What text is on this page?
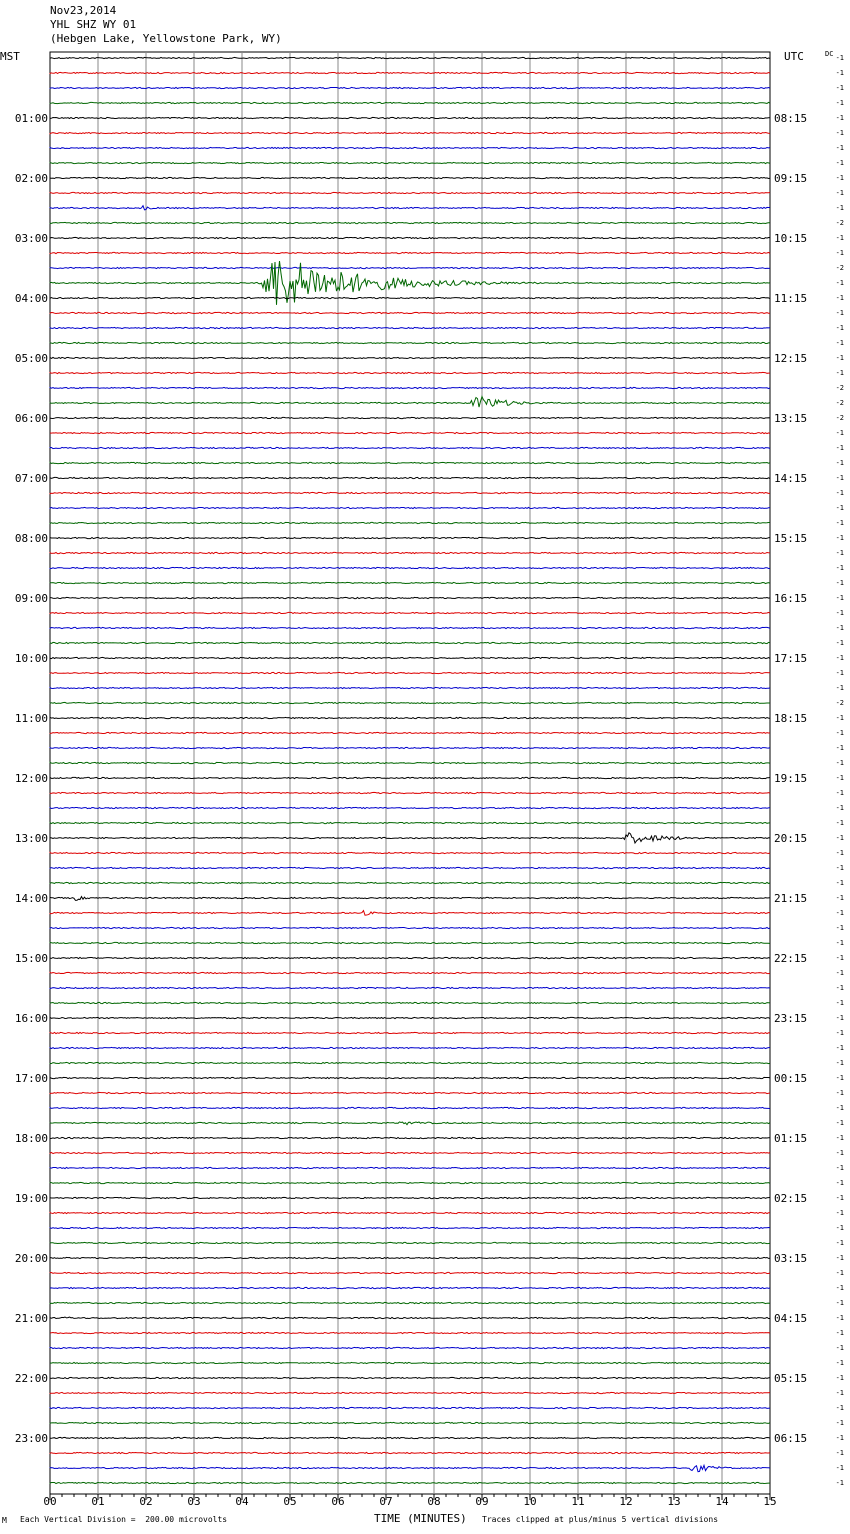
Nov23,2014
YHL SHZ WY 01
(Hebgen Lake, Yellowstone Park, WY)
MST	UTC	DC
01:00	08:15
02:00	09:15
03:00	10:15
04:00	11:15
05:00	12:15
06:00	13:15
07:00	14:15
08:00	15:15
09:00	16:15
10:00	17:15
11:00	18:15
12:00	19:15
13:00	20:15
14:00	21:15
15:00	22:15
16:00	23:15
17:00	00:15
18:00	01:15
19:00	02:15
20:00	03:15
21:00	04:15
22:00	05:15
23:00	06:15
-1
-1
-1
-1
-1
-1
-1
-1
-1
-1
-1
-2
-1
-1
-2
-1
-1
-1
-1
-1
-1
-1
-2
-2
-2
-1
-1
-1
-1
-1
-1
-1
-1
-1
-1
-1
-1
-1
-1
-1
-1
-1
-1
-2
-1
-1
-1
-1
-1
-1
-1
-1
-1
-1
-1
-1
-1
-1
-1
-1
-1
-1
-1
-1
-1
-1
-1
-1
-1
-1
-1
-1
-1
-1
-1
-1
-1
-1
-1
-1
-1
-1
-1
-1
-1
-1
-1
-1
-1
-1
-1
-1
-1
-1
-1
-1
00	01	02	03	04	05	06	07	08	09	10	11	12	13	14	15
M Each Vertical Division =  200.00 microvolts	TIME (MINUTES) Traces clipped at plus/minus 5 vertical divisions
